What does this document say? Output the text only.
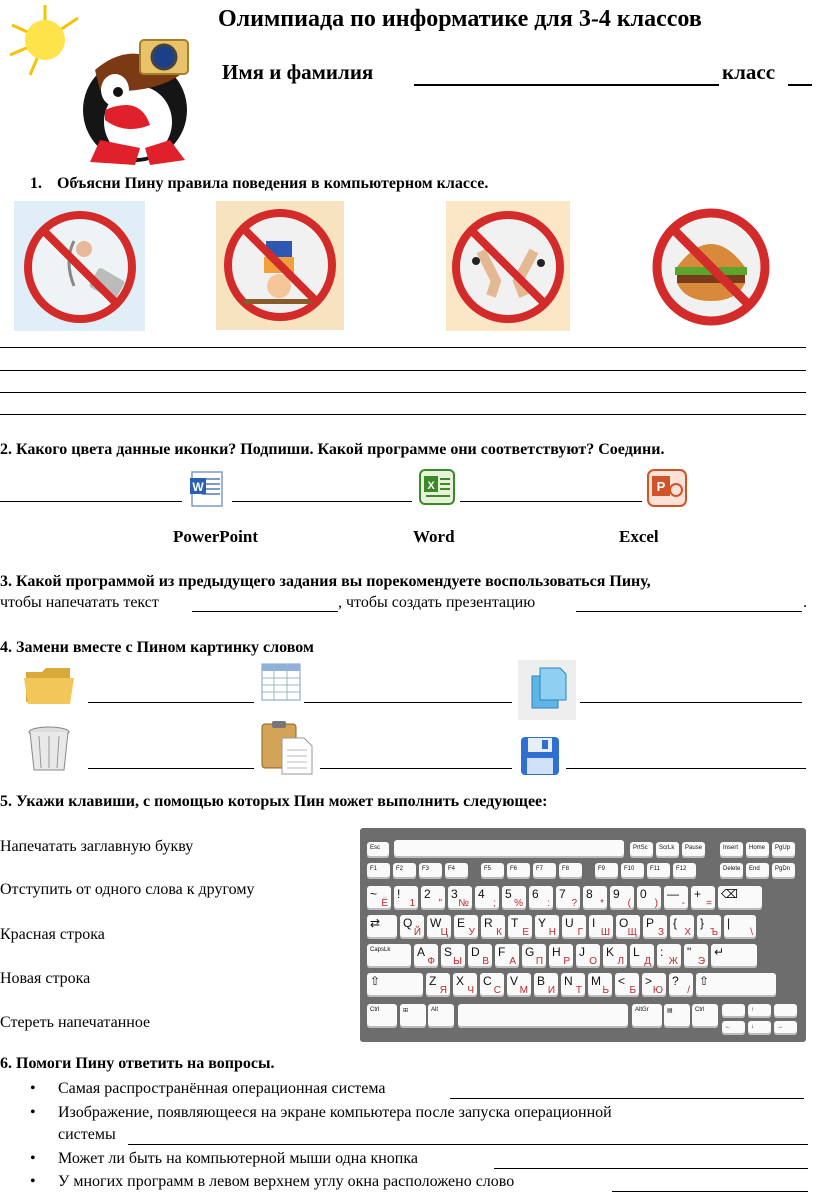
Олимпиада по информатике для 3-4 классов
Имя и фамилия	класс
1. Объясни Пину правила поведения в компьютерном классе.
2. Какого цвета данные иконки? Подпиши. Какой программе они соответствуют? Соедини.
W	X	P
PowerPoint	Word	Excel
3. Какой программой из предыдущего задания вы порекомендуете воспользоваться Пину,
чтобы напечатать текст	, чтобы создать презентацию	.
4. Замени вместе с Пином картинку словом
5. Укажи клавиши, с помощью которых Пин может выполнить следующее:
Напечатать заглавную букву
Отступить от одного слова к другому
Красная строка
Новая строка
Стереть напечатанное
Esc	PrtSc ScrLk Pause	Insert Home PgUp
F1	F2	F3	F4	F5	F6	F7	F8	F9	F10	F11	F12	Delete End	PgDn
~
Ё
!
1
2
"
3
№
4
;
5
%
6
:
7
?
8
*
9
(
0
)
—
-
+
=
⌫
⇄ Q
Й
W
Ц
E
У
R
К
T
Е
Y
Н
U
Г
I
Ш
O
Щ
P
З
{
Х
}
Ъ
|
\
CapsLk A
Ф
S
Ы
D
В
F
А
G
П
H
Р
J
О
K
Л
L
Д
:
Ж
"
Э
↵
⇧	Z
Я
X
Ч
C
С
V
М
B
И
N
Т
M
Ь
<
Б
>
Ю
?
/
⇧
Ctrl	⊞	Alt	AltGr	▤	Ctrl	↑
←	↓	→
6. Помоги Пину ответить на вопросы.
• Самая распространённая операционная система
• Изображение, появляющееся на экране компьютера после запуска операционной
системы
• Может ли быть на компьютерной мыши одна кнопка
• У многих программ в левом верхнем углу окна расположено слово
